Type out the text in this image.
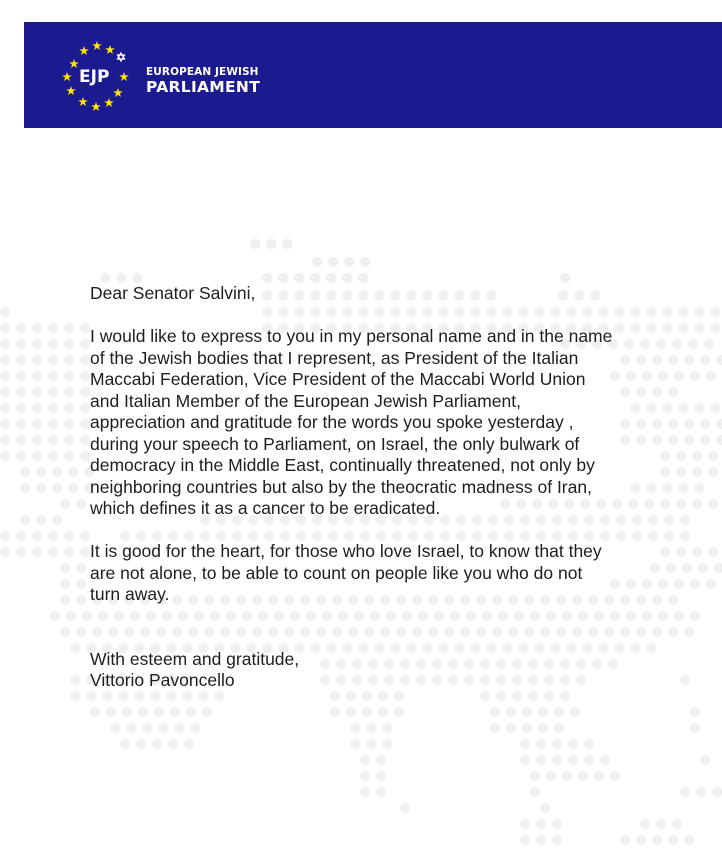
EJP	EUROPEAN JEWISH
PARLIAMENT

Dear Senator Salvini,

I would like to express to you in my personal name and in the name

of the Jewish bodies that I represent, as President of the Italian

Maccabi Federation, Vice President of the Maccabi World Union

and Italian Member of the European Jewish Parliament,

appreciation and gratitude for the words you spoke yesterday ,

during your speech to Parliament, on Israel, the only bulwark of

democracy in the Middle East, continually threatened, not only by

neighboring countries but also by the theocratic madness of Iran,

which defines it as a cancer to be eradicated.

It is good for the heart, for those who love Israel, to know that they

are not alone, to be able to count on people like you who do not

turn away.

With esteem and gratitude,

Vittorio Pavoncello
